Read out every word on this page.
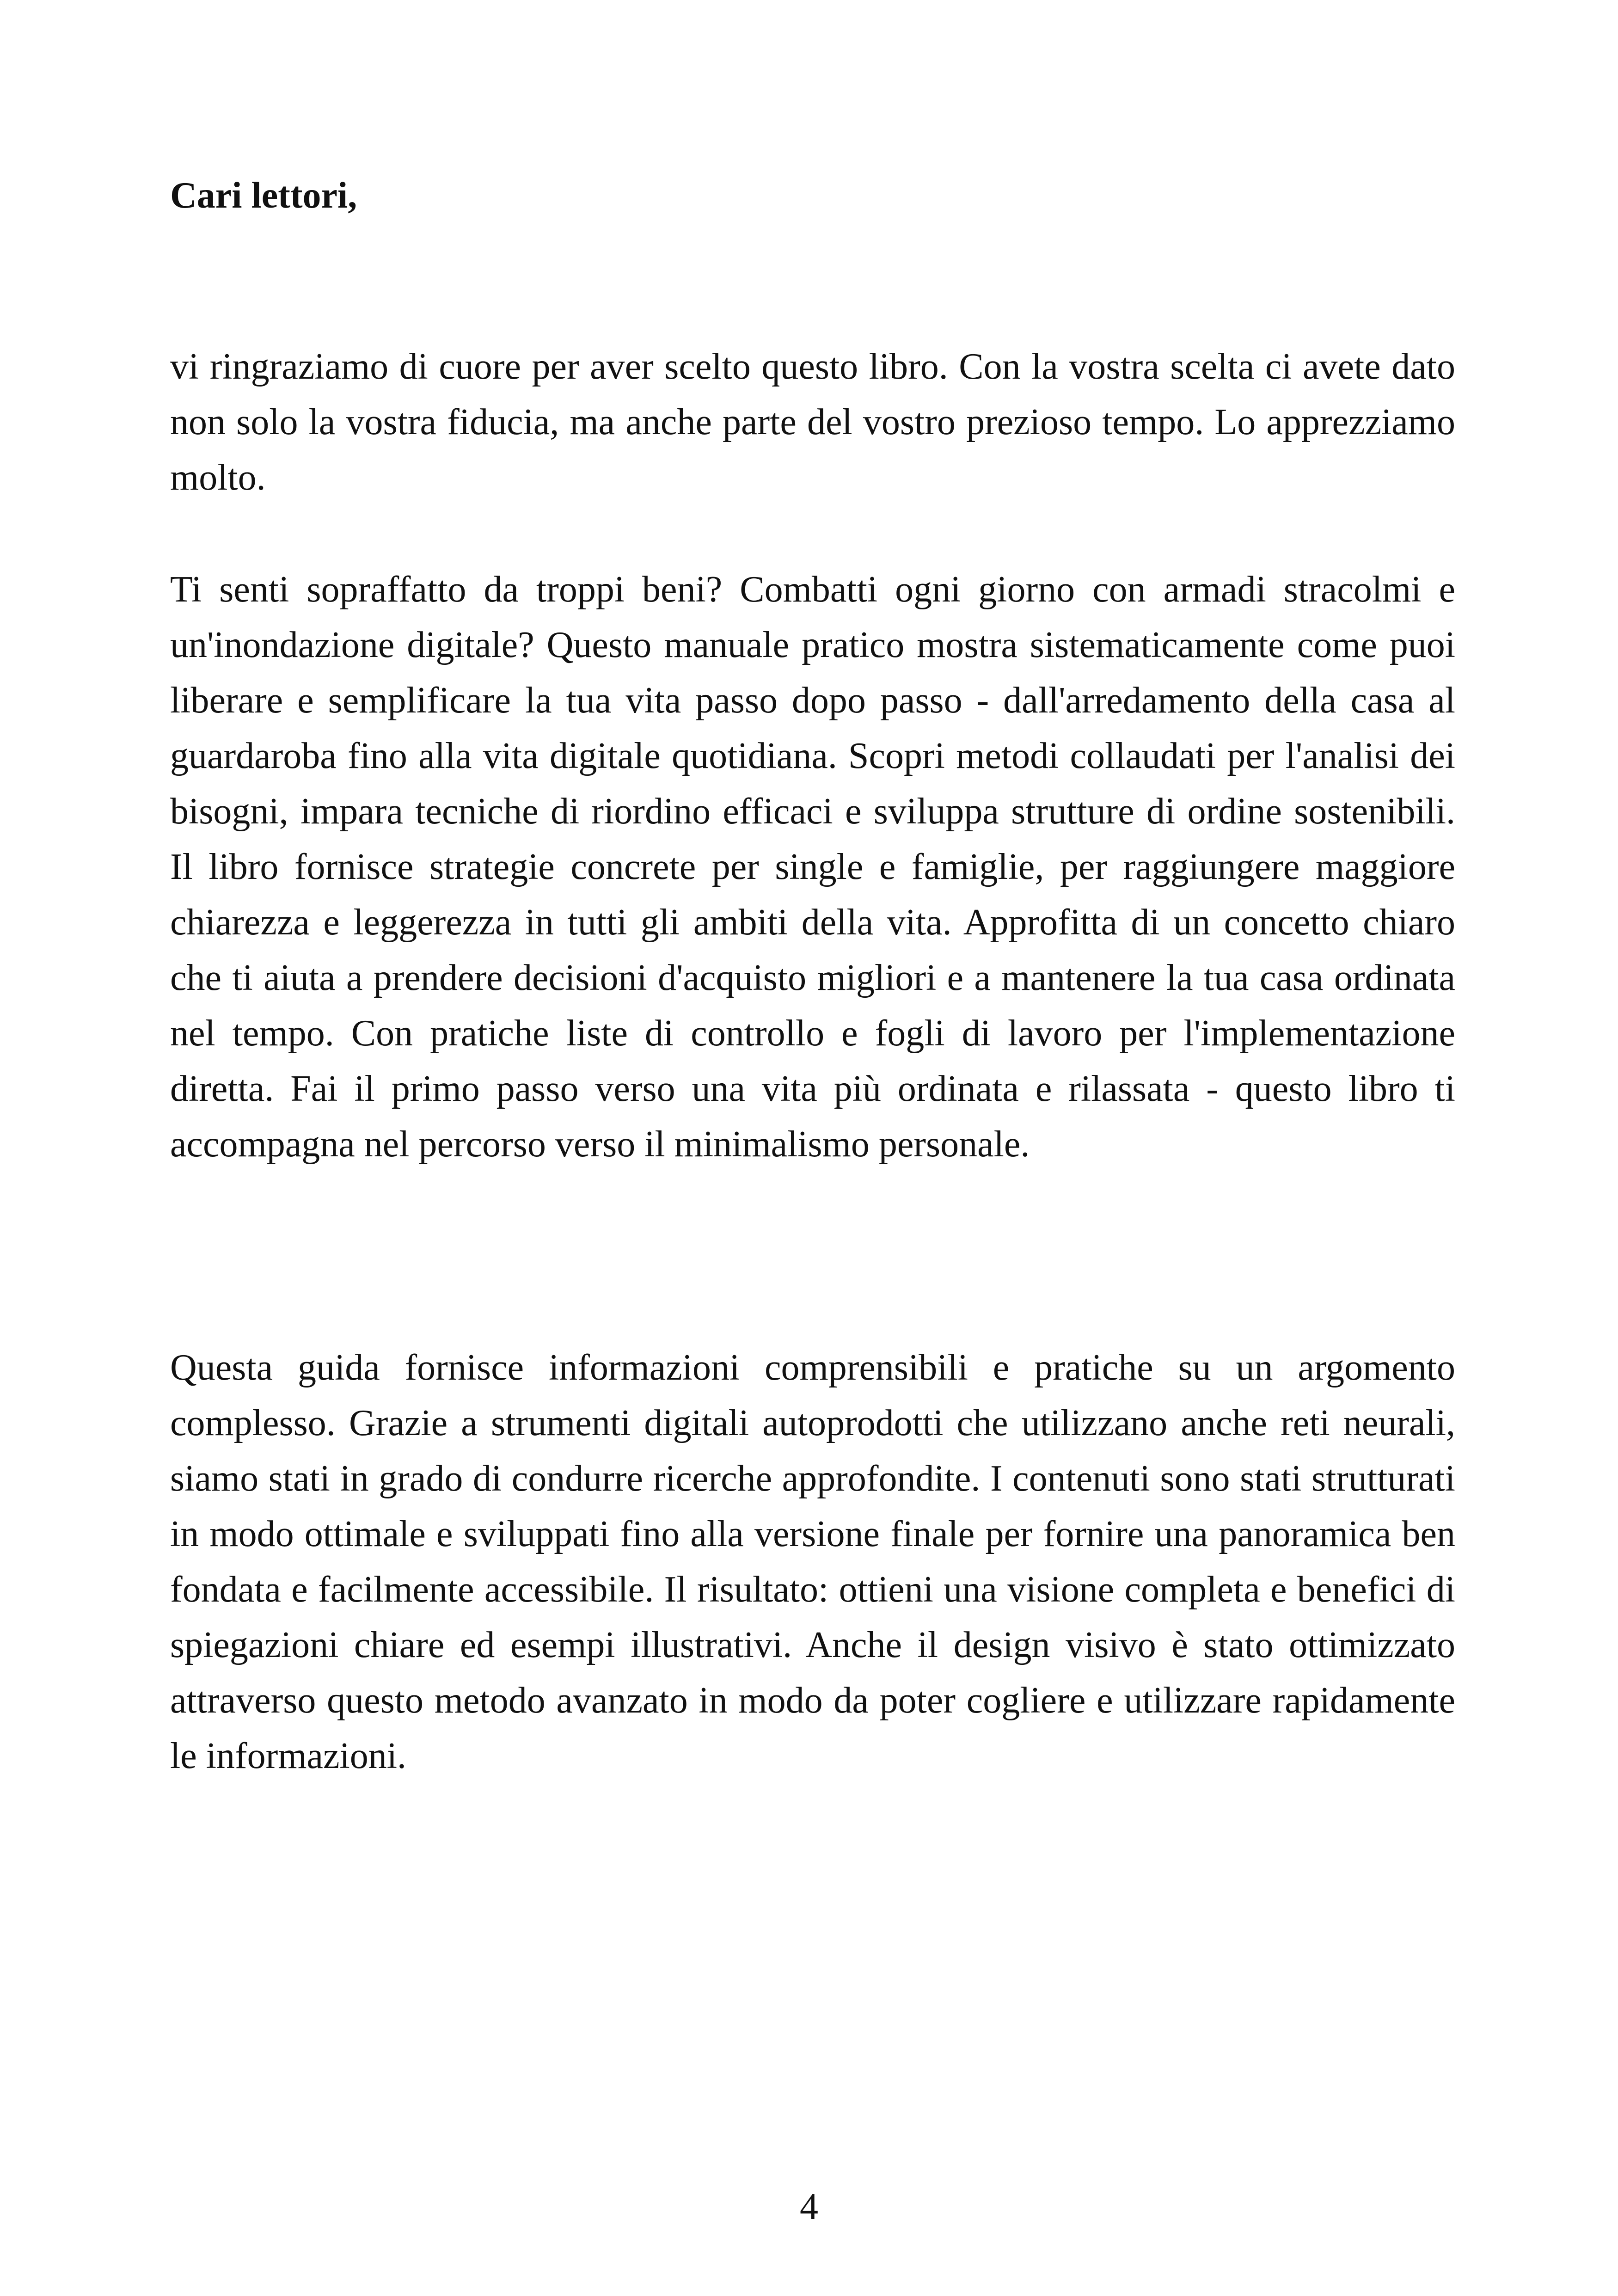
Cari lettori,

vi ringraziamo di cuore per aver scelto questo libro. Con la vostra scelta ci avete dato non solo la vostra fiducia, ma anche parte del vostro prezioso tempo. Lo apprezziamo molto.

Ti senti sopraffatto da troppi beni? Combatti ogni giorno con armadi stracolmi e un'inondazione digitale? Questo manuale pratico mostra sistematicamente come puoi liberare e semplificare la tua vita passo dopo passo - dall'arredamento della casa al guardaroba fino alla vita digitale quotidiana. Scopri metodi collaudati per l'analisi dei bisogni, impara tecniche di riordino efficaci e sviluppa strutture di ordine sostenibili. Il libro fornisce strategie concrete per single e famiglie, per raggiungere maggiore chiarezza e leggerezza in tutti gli ambiti della vita. Approfitta di un concetto chiaro che ti aiuta a prendere decisioni d'acquisto migliori e a mantenere la tua casa ordinata nel tempo. Con pratiche liste di controllo e fogli di lavoro per l'implementazione diretta. Fai il primo passo verso una vita più ordinata e rilassata - questo libro ti accompagna nel percorso verso il minimalismo personale.

Questa guida fornisce informazioni comprensibili e pratiche su un argomento complesso. Grazie a strumenti digitali autoprodotti che utilizzano anche reti neurali, siamo stati in grado di condurre ricerche approfondite. I contenuti sono stati strutturati in modo ottimale e sviluppati fino alla versione finale per fornire una panoramica ben fondata e facilmente accessibile. Il risultato: ottieni una visione completa e benefici di spiegazioni chiare ed esempi illustrativi. Anche il design visivo è stato ottimizzato attraverso questo metodo avanzato in modo da poter cogliere e utilizzare rapidamente le informazioni.

4
